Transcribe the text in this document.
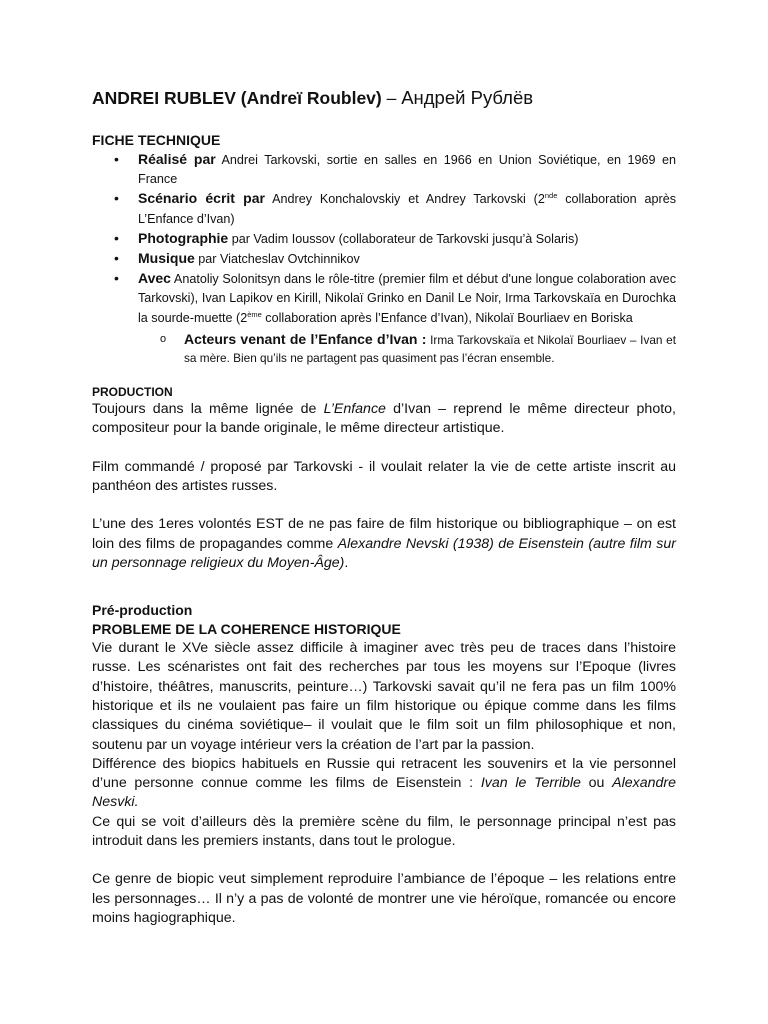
ANDREI RUBLEV (Andreï Roublev) – Андрей Рублёв
FICHE TECHNIQUE
• Réalisé par Andrei Tarkovski, sortie en salles en 1966 en Union Soviétique, en 1969 en France
• Scénario écrit par Andrey Konchalovskiy et Andrey Tarkovski (2nde collaboration après L’Enfance d’Ivan)
• Photographie par Vadim Ioussov (collaborateur de Tarkovski jusqu’à Solaris)
• Musique par Viatcheslav Ovtchinnikov
• Avec Anatoliy Solonitsyn dans le rôle-titre (premier film et début d'une longue colaboration avec Tarkovski), Ivan Lapikov en Kirill, Nikolaï Grinko en Danil Le Noir, Irma Tarkovskaïa en Durochka la sourde-muette (2ème collaboration après l’Enfance d’Ivan), Nikolaï Bourliaev en Boriska
o Acteurs venant de l’Enfance d’Ivan : Irma Tarkovskaïa et Nikolaï Bourliaev – Ivan et sa mère. Bien qu’ils ne partagent pas quasiment pas l’écran ensemble.
PRODUCTION

Toujours dans la même lignée de L’Enfance d’Ivan – reprend le même directeur photo, compositeur pour la bande originale, le même directeur artistique.

Film commandé / proposé par Tarkovski - il voulait relater la vie de cette artiste inscrit au panthéon des artistes russes.

L’une des 1eres volontés EST de ne pas faire de film historique ou bibliographique – on est loin des films de propagandes comme Alexandre Nevski (1938) de Eisenstein (autre film sur un personnage religieux du Moyen-Âge).

Pré-production
PROBLEME DE LA COHERENCE HISTORIQUE

Vie durant le XVe siècle assez difficile à imaginer avec très peu de traces dans l’histoire russe. Les scénaristes ont fait des recherches par tous les moyens sur l’Epoque (livres d’histoire, théâtres, manuscrits, peinture…) Tarkovski savait qu’il ne fera pas un film 100% historique et ils ne voulaient pas faire un film historique ou épique comme dans les films classiques du cinéma soviétique– il voulait que le film soit un film philosophique et non, soutenu par un voyage intérieur vers la création de l’art par la passion.

Différence des biopics habituels en Russie qui retracent les souvenirs et la vie personnel d’une personne connue comme les films de Eisenstein : Ivan le Terrible ou Alexandre Nesvki.

Ce qui se voit d’ailleurs dès la première scène du film, le personnage principal n’est pas introduit dans les premiers instants, dans tout le prologue.

Ce genre de biopic veut simplement reproduire l’ambiance de l’époque – les relations entre les personnages… Il n’y a pas de volonté de montrer une vie héroïque, romancée ou encore moins hagiographique.
